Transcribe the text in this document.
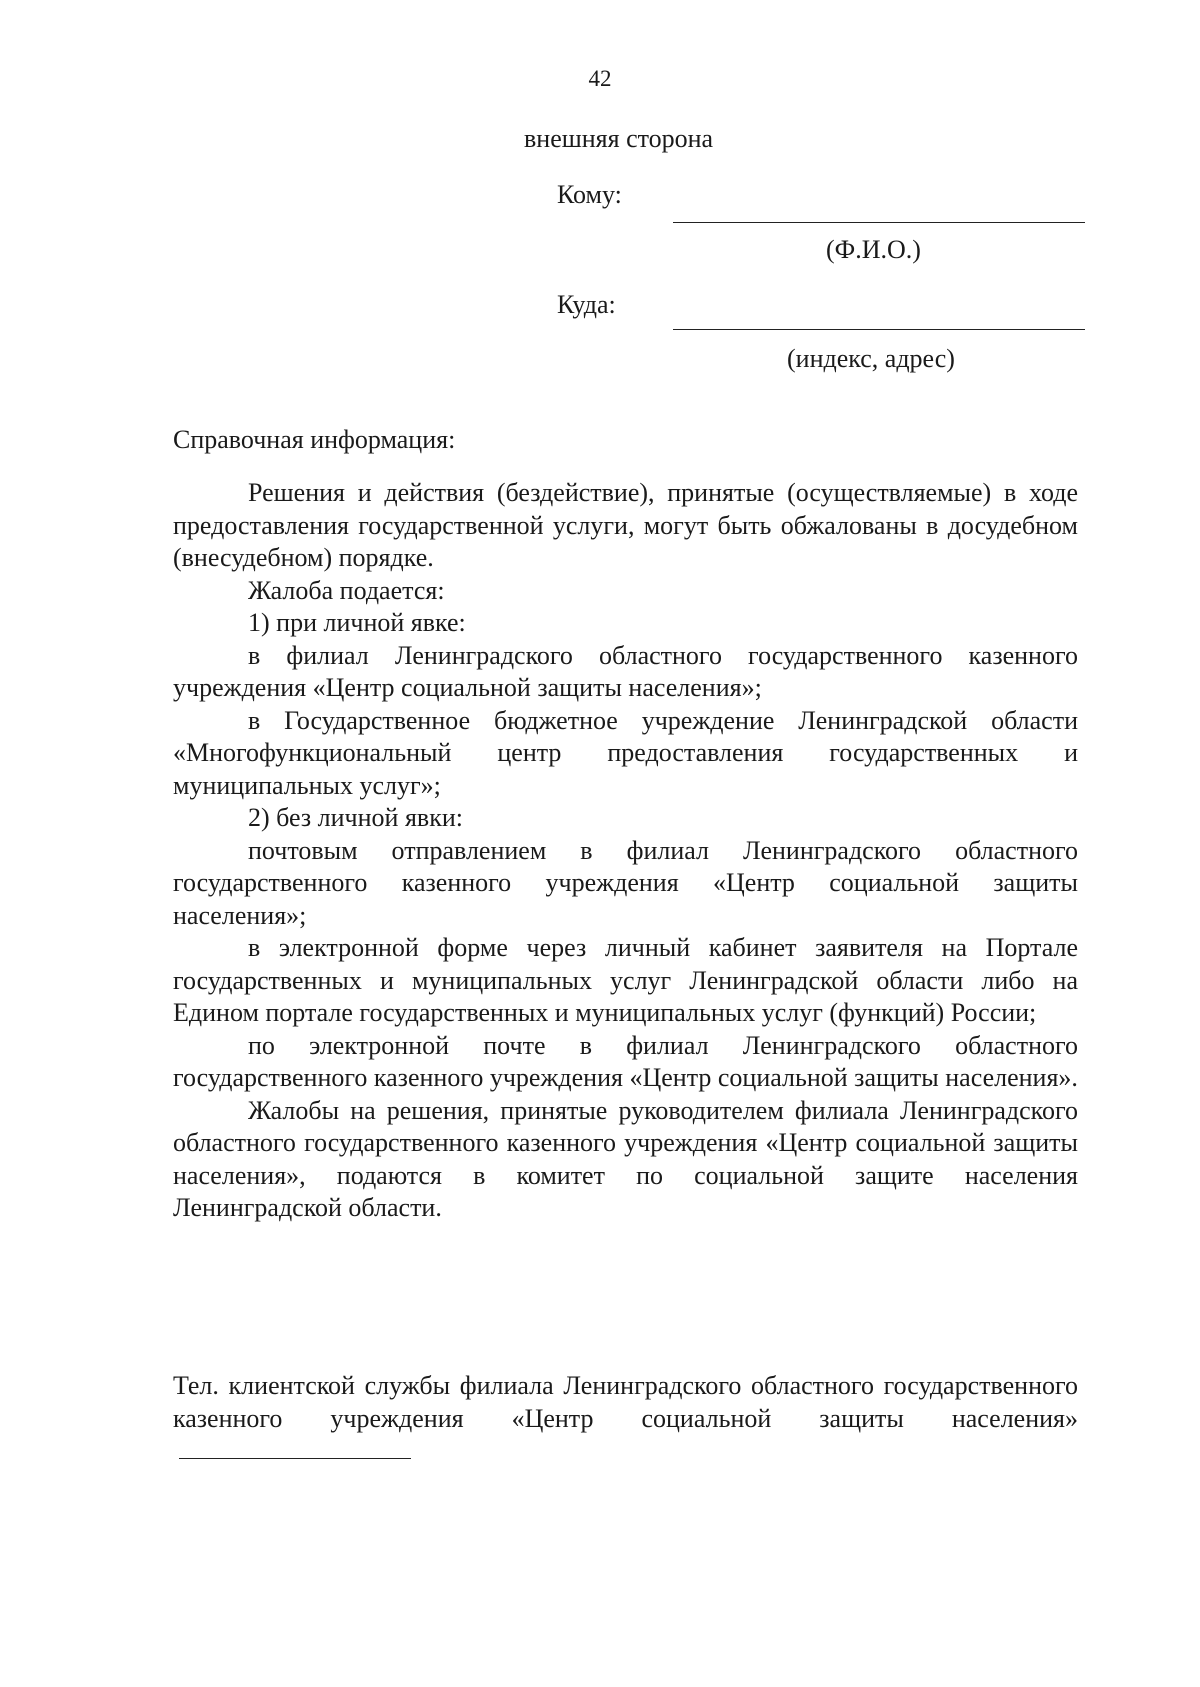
42
внешняя сторона
Кому:
(Ф.И.О.)
Куда:
(индекс, адрес)
Справочная информация:

Решения и действия (бездействие), принятые (осуществляемые) в ходе предоставления государственной услуги, могут быть обжалованы в досудебном (внесудебном) порядке.

Жалоба подается:

1) при личной явке:

в филиал Ленинградского областного государственного казенного учреждения «Центр социальной защиты населения»;

в Государственное бюджетное учреждение Ленинградской области «Многофункциональный центр предоставления государственных и муниципальных услуг»;

2) без личной явки:

почтовым отправлением в филиал Ленинградского областного государственного казенного учреждения «Центр социальной защиты населения»;

в электронной форме через личный кабинет заявителя на Портале государственных и муниципальных услуг Ленинградской области либо на Едином портале государственных и муниципальных услуг (функций) России;

по электронной почте в филиал Ленинградского областного государственного казенного учреждения «Центр социальной защиты населения».

Жалобы на решения, принятые руководителем филиала Ленинградского областного государственного казенного учреждения «Центр социальной защиты населения», подаются в комитет по социальной защите населения Ленинградской области.

Тел. клиентской службы филиала Ленинградского областного государственного казенного учреждения «Центр социальной защиты населения»
